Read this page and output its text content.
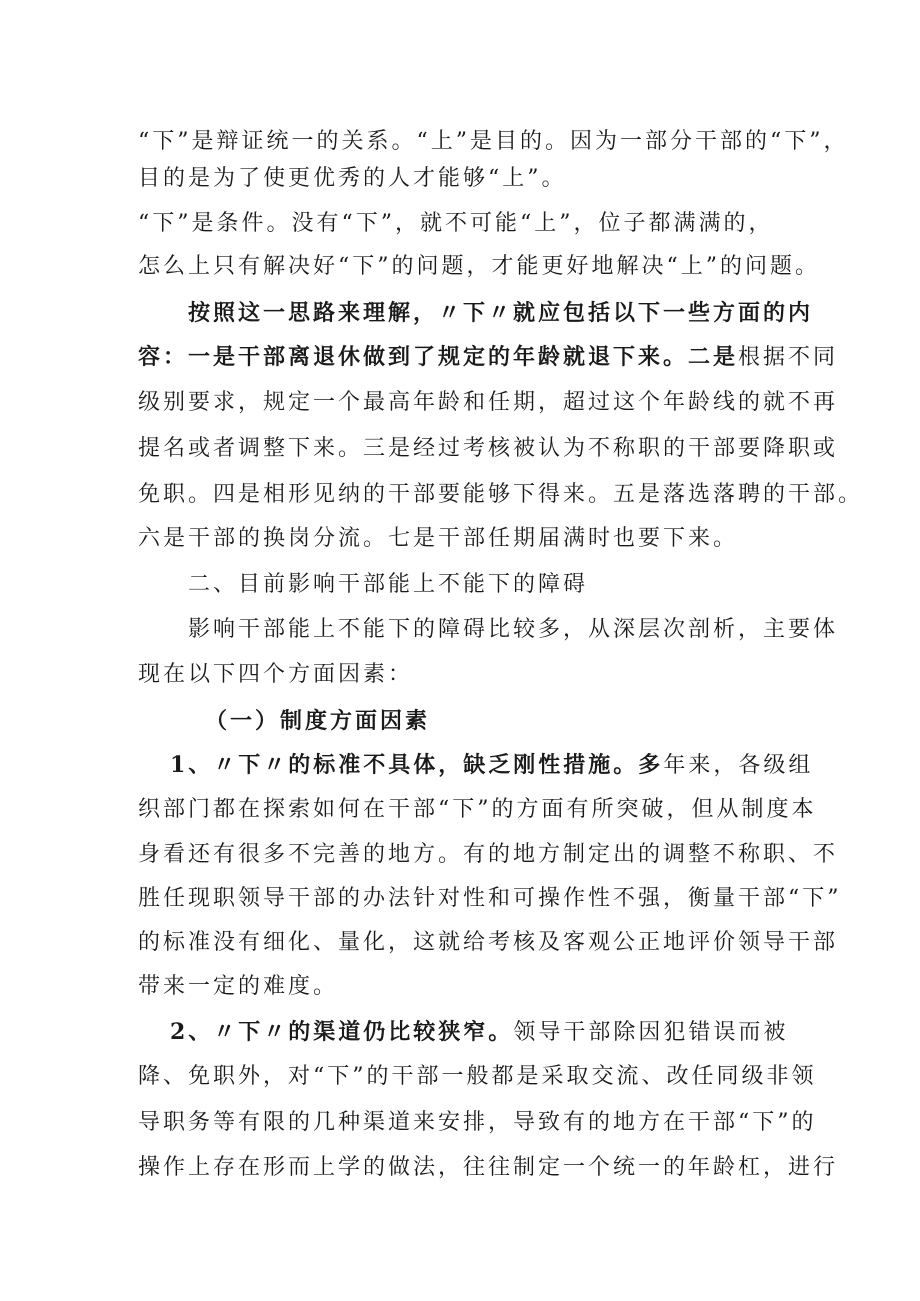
“下”是辩证统一的关系。“上”是目的。因为一部分干部的“下”，
目的是为了使更优秀的人才能够“上”。
“下”是条件。没有“下”，就不可能“上”，位子都满满的，
怎么上只有解决好“下”的问题，才能更好地解决“上”的问题。
按照这一思路来理解，〃下〃就应包括以下一些方面的内
容：一是干部离退休做到了规定的年龄就退下来。二是根据不同
级别要求，规定一个最高年龄和任期，超过这个年龄线的就不再
提名或者调整下来。三是经过考核被认为不称职的干部要降职或
免职。四是相形见纳的干部要能够下得来。五是落选落聘的干部。
六是干部的换岗分流。七是干部任期届满时也要下来。
二、目前影响干部能上不能下的障碍
影响干部能上不能下的障碍比较多，从深层次剖析，主要体
现在以下四个方面因素：
（一）制度方面因素
1、〃下〃的标准不具体，缺乏刚性措施。多年来，各级组
织部门都在探索如何在干部“下”的方面有所突破，但从制度本
身看还有很多不完善的地方。有的地方制定出的调整不称职、不
胜任现职领导干部的办法针对性和可操作性不强，衡量干部“下”
的标准没有细化、量化，这就给考核及客观公正地评价领导干部
带来一定的难度。
2、〃下〃的渠道仍比较狭窄。领导干部除因犯错误而被
降、免职外，对“下”的干部一般都是采取交流、改任同级非领
导职务等有限的几种渠道来安排，导致有的地方在干部“下”的
操作上存在形而上学的做法，往往制定一个统一的年龄杠，进行
